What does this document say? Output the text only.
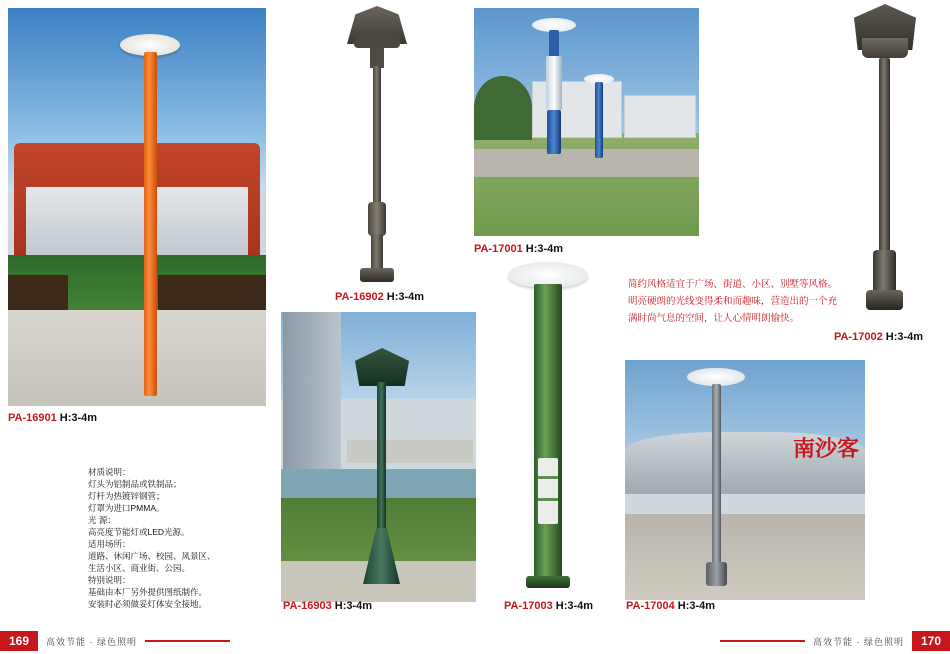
PA-16901 H:3-4m
PA-16902 H:3-4m
PA-17001 H:3-4m
PA-17002 H:3-4m
简约风格适宜于广场、街道、小区、别墅等风格。明亮硬朗的光线变得柔和而趣味，营造出的一个充满时尚气息的空间，让人心情明朗愉快。
材质说明：
灯头为铝制品或铁制品；
灯杆为热镀锌钢管；
灯罩为进口PMMA。
光 源：
高亮度节能灯或LED光源。
适用场所：
道路、休闲广场、校园、风景区、
生活小区、商业街、公园。
特别说明：
基础由本厂另外提供图纸制作。
安装时必须做妥灯体安全接地。	PA-16903 H:3-4m	PA-17003 H:3-4m
南沙客
PA-17004 H:3-4m
169	高效节能 · 绿色照明	高效节能 · 绿色照明	170
